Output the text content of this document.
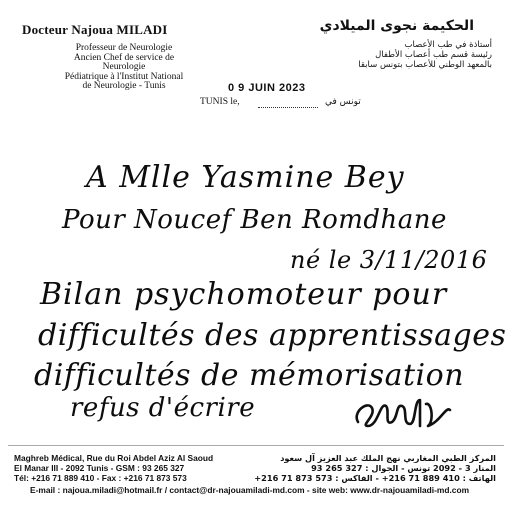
Docteur Najoua MILADI
Professeur de Neurologie
Ancien Chef de service de Neurologie
Pédiatrique à l'Institut National
de Neurologie - Tunis
الحكيمة نجوى الميلادي
أستاذة في طب الأعصاب
رئيسة قسم طب أعصاب الأطفال
بالمعهد الوطني للأعصاب بتونس سابقا
0 9 JUIN 2023
TUNIS le,	تونس في
A Mlle Yasmine Bey
Pour Noucef Ben Romdhane
né le 3/11/2016
Bilan psychomoteur pour
difficultés des apprentissages
difficultés de mémorisation
refus d'écrire
Maghreb Médical, Rue du Roi Abdel Aziz Al Saoud
El Manar III - 2092 Tunis - GSM : 93 265 327
Tél: +216 71 889 410 - Fax : +216 71 873 573
المركز الطبي المغاربي نهج الملك عبد العزيز آل سعود
المنار 3 - 2092 تونس - الجوال : 327 265 93
الهاتف : 410 889 71 216+ - الفاكس : 573 873 71 216+
E-mail : najoua.miladi@hotmail.fr / contact@dr-najouamiladi-md.com - site web: www.dr-najouamiladi-md.com
